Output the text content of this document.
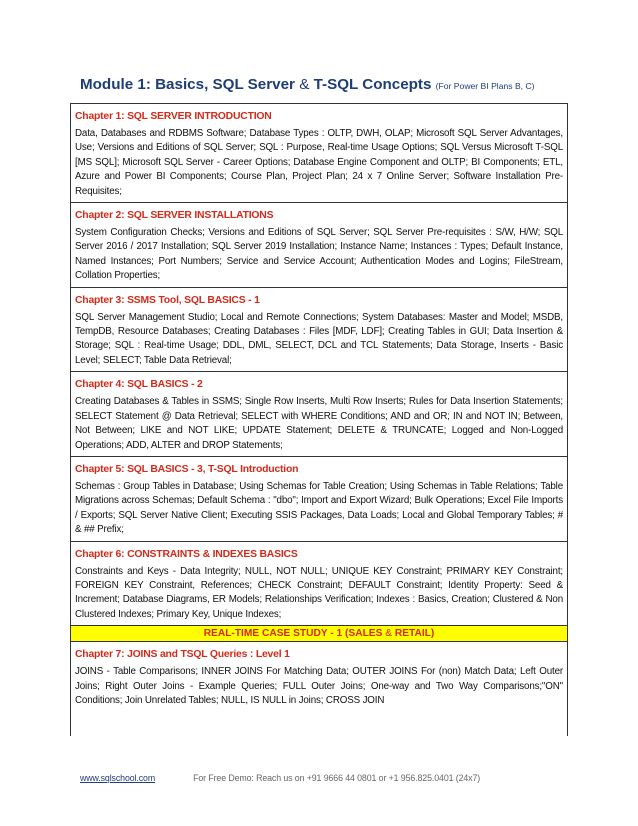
Module 1: Basics, SQL Server & T-SQL Concepts (For Power BI Plans B, C)
Chapter 1: SQL SERVER INTRODUCTION
Data, Databases and RDBMS Software; Database Types : OLTP, DWH, OLAP; Microsoft SQL Server Advantages, Use; Versions and Editions of SQL Server; SQL : Purpose, Real-time Usage Options; SQL Versus Microsoft T-SQL [MS SQL]; Microsoft SQL Server - Career Options; Database Engine Component and OLTP; BI Components; ETL, Azure and Power BI Components; Course Plan, Project Plan; 24 x 7 Online Server; Software Installation Pre-Requisites;
Chapter 2: SQL SERVER INSTALLATIONS
System Configuration Checks; Versions and Editions of SQL Server; SQL Server Pre-requisites : S/W, H/W; SQL Server 2016 / 2017 Installation; SQL Server 2019 Installation; Instance Name; Instances : Types; Default Instance, Named Instances; Port Numbers; Service and Service Account; Authentication Modes and Logins; FileStream, Collation Properties;
Chapter 3: SSMS Tool, SQL BASICS - 1
SQL Server Management Studio; Local and Remote Connections; System Databases: Master and Model; MSDB, TempDB, Resource Databases; Creating Databases : Files [MDF, LDF]; Creating Tables in GUI; Data Insertion & Storage; SQL : Real-time Usage; DDL, DML, SELECT, DCL and TCL Statements; Data Storage, Inserts - Basic Level; SELECT; Table Data Retrieval;
Chapter 4: SQL BASICS - 2
Creating Databases & Tables in SSMS; Single Row Inserts, Multi Row Inserts; Rules for Data Insertion Statements; SELECT Statement @ Data Retrieval; SELECT with WHERE Conditions; AND and OR; IN and NOT IN; Between, Not Between; LIKE and NOT LIKE; UPDATE Statement; DELETE & TRUNCATE; Logged and Non-Logged Operations; ADD, ALTER and DROP Statements;
Chapter 5: SQL BASICS - 3, T-SQL Introduction
Schemas : Group Tables in Database; Using Schemas for Table Creation; Using Schemas in Table Relations; Table Migrations across Schemas; Default Schema : "dbo"; Import and Export Wizard; Bulk Operations; Excel File Imports / Exports; SQL Server Native Client; Executing SSIS Packages, Data Loads; Local and Global Temporary Tables; # & ## Prefix;
Chapter 6: CONSTRAINTS & INDEXES BASICS
Constraints and Keys - Data Integrity; NULL, NOT NULL; UNIQUE KEY Constraint; PRIMARY KEY Constraint; FOREIGN KEY Constraint, References; CHECK Constraint; DEFAULT Constraint; Identity Property: Seed & Increment; Database Diagrams, ER Models; Relationships Verification; Indexes : Basics, Creation; Clustered & Non Clustered Indexes; Primary Key, Unique Indexes;
REAL-TIME CASE STUDY - 1 (SALES & RETAIL)
Chapter 7: JOINS and TSQL Queries : Level 1
JOINS - Table Comparisons; INNER JOINS For Matching Data; OUTER JOINS For (non) Match Data; Left Outer Joins; Right Outer Joins - Example Queries; FULL Outer Joins; One-way and Two Way Comparisons;"ON" Conditions; Join Unrelated Tables; NULL, IS NULL in Joins; CROSS JOIN
www.sqlschool.com	For Free Demo: Reach us on +91 9666 44 0801 or +1 956.825.0401 (24x7)
